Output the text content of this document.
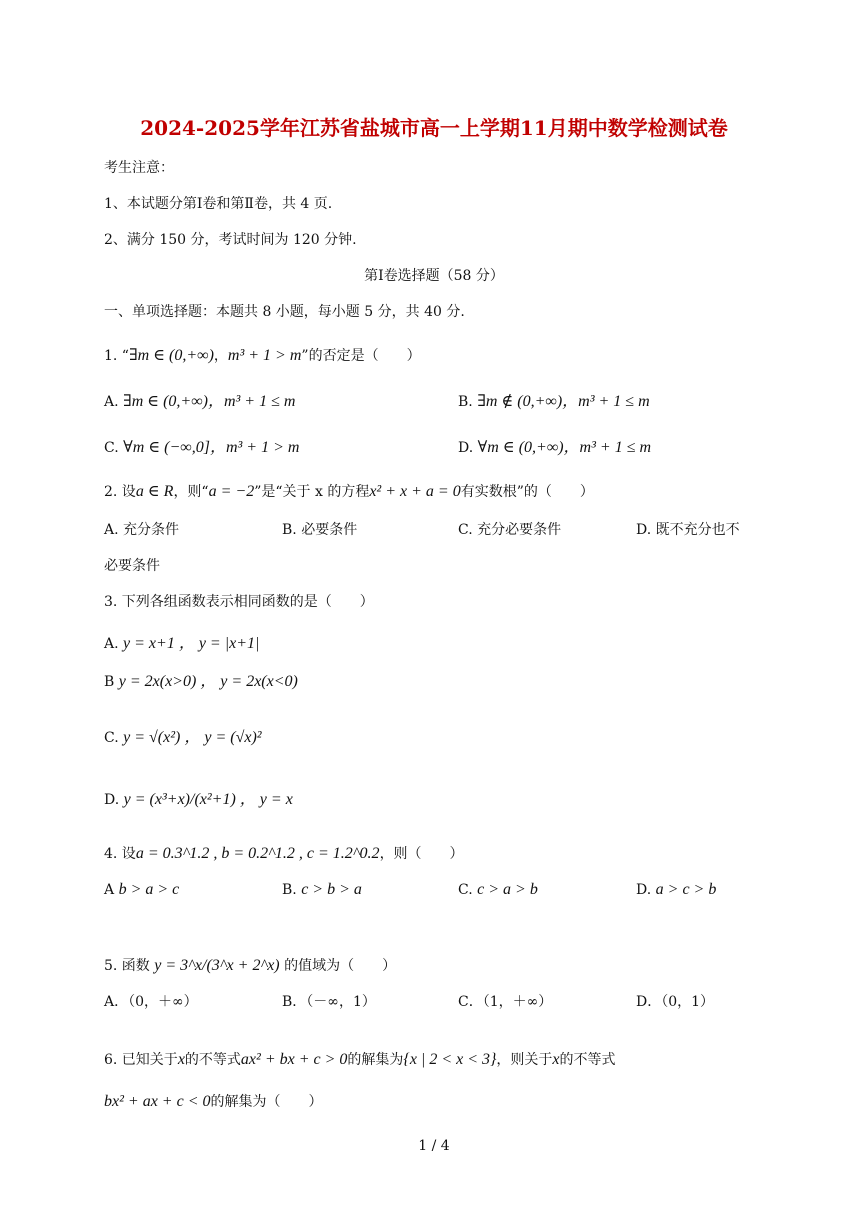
2024-2025学年江苏省盐城市高一上学期11月期中数学检测试卷
考生注意：
1、本试题分第Ⅰ卷和第Ⅱ卷，共 4 页.
2、满分 150 分，考试时间为 120 分钟.
第Ⅰ卷选择题（58 分）
一、单项选择题：本题共 8 小题，每小题 5 分，共 40 分.
1. “∃m ∈ (0,+∞)，m³ + 1 > m”的否定是（　　）
A. ∃m ∈ (0,+∞)，m³ + 1 ≤ m	B. ∃m ∉ (0,+∞)，m³ + 1 ≤ m
C. ∀m ∈ (−∞,0]，m³ + 1 > m	D. ∀m ∈ (0,+∞)，m³ + 1 ≤ m
2. 设a ∈ R，则“a = −2”是“关于 x 的方程x² + x + a = 0有实数根”的（　　）
A. 充分条件	B. 必要条件	C. 充分必要条件	D. 既不充分也不
必要条件
3. 下列各组函数表示相同函数的是（　　）
A. y = x+1 ， y = |x+1|
B y = 2x(x>0) ， y = 2x(x<0)
C. y = √(x²) ， y = (√x)²
D. y = (x³+x)/(x²+1) ， y = x
4. 设a = 0.3^1.2 , b = 0.2^1.2 , c = 1.2^0.2，则（　　）
A b > a > c	B. c > b > a	C. c > a > b	D. a > c > b
5. 函数 y = 3^x/(3^x + 2^x) 的值域为（　　）
A．（0，＋∞）	B．（－∞，1）	C．（1，＋∞）	D．（0，1）
6. 已知关于x的不等式ax² + bx + c > 0的解集为{x | 2 < x < 3}，则关于x的不等式
bx² + ax + c < 0的解集为（　　）
1 / 4
